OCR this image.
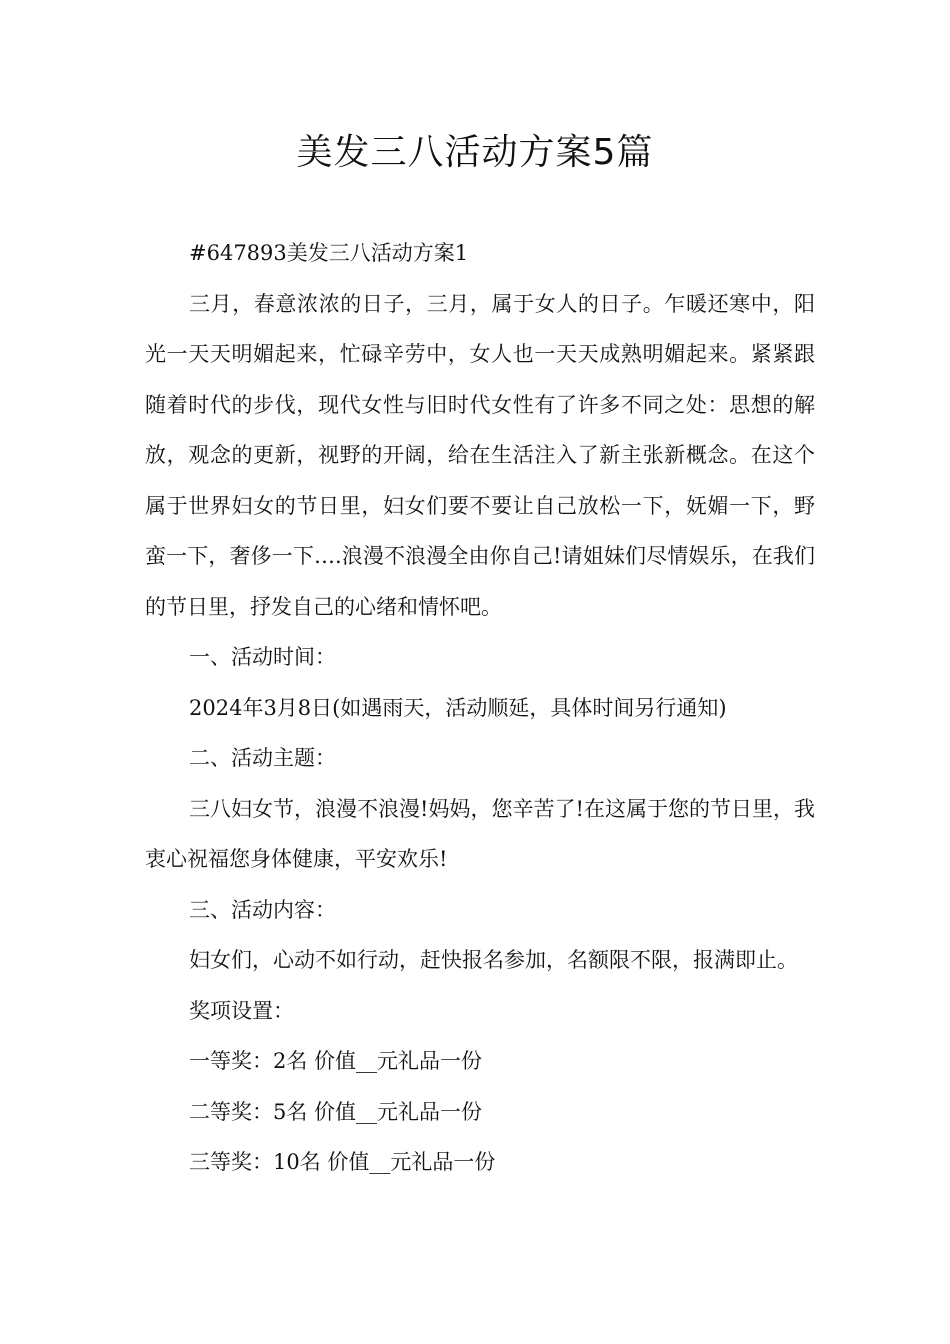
美发三八活动方案5篇

#647893美发三八活动方案1

三月，春意浓浓的日子，三月，属于女人的日子。乍暖还寒中，阳光一天天明媚起来，忙碌辛劳中，女人也一天天成熟明媚起来。紧紧跟随着时代的步伐，现代女性与旧时代女性有了许多不同之处：思想的解放，观念的更新，视野的开阔，给在生活注入了新主张新概念。在这个属于世界妇女的节日里，妇女们要不要让自己放松一下，妩媚一下，野蛮一下，奢侈一下….浪漫不浪漫全由你自己!请姐妹们尽情娱乐，在我们的节日里，抒发自己的心绪和情怀吧。

一、活动时间：

2024年3月8日(如遇雨天，活动顺延，具体时间另行通知)

二、活动主题：

三八妇女节，浪漫不浪漫!妈妈，您辛苦了!在这属于您的节日里，我衷心祝福您身体健康，平安欢乐!

三、活动内容：

妇女们，心动不如行动，赶快报名参加，名额限不限，报满即止。

奖项设置：

一等奖：2名 价值__元礼品一份

二等奖：5名 价值__元礼品一份

三等奖：10名 价值__元礼品一份
